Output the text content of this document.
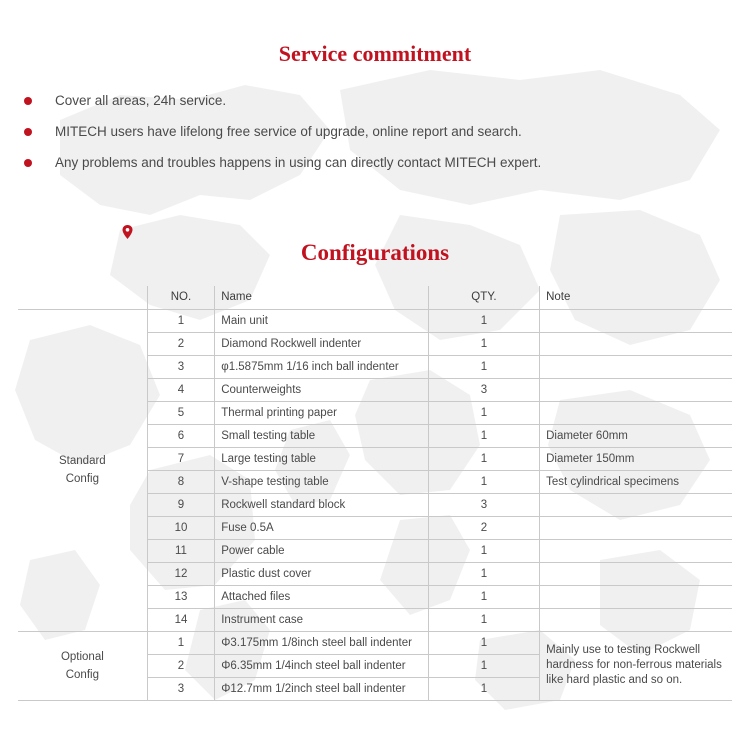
Service commitment
Cover all areas, 24h service.
MITECH users have lifelong free service of upgrade, online report and search.
Any problems and troubles happens in using can directly contact MITECH expert.
Configurations
	NO.	Name	QTY.	Note

Standard
Config	1	Main unit	1	
	2	Diamond Rockwell indenter	1	
	3	φ1.5875mm 1/16 inch ball indenter	1	
	4	Counterweights	3	
	5	Thermal printing paper	1	
	6	Small testing table	1	Diameter 60mm
	7	Large testing table	1	Diameter 150mm
	8	V-shape testing table	1	Test cylindrical specimens
	9	Rockwell standard block	3	
	10	Fuse 0.5A	2	
	11	Power cable	1	
	12	Plastic dust cover	1	
	13	Attached files	1	
	14	Instrument case	1	

Optional
Config	1	Φ3.175mm 1/8inch steel ball indenter	1	Mainly use to testing Rockwell hardness for non-ferrous materials like hard plastic and so on.
	2	Φ6.35mm 1/4inch steel ball indenter	1	
	3	Φ12.7mm 1/2inch steel ball indenter	1	
